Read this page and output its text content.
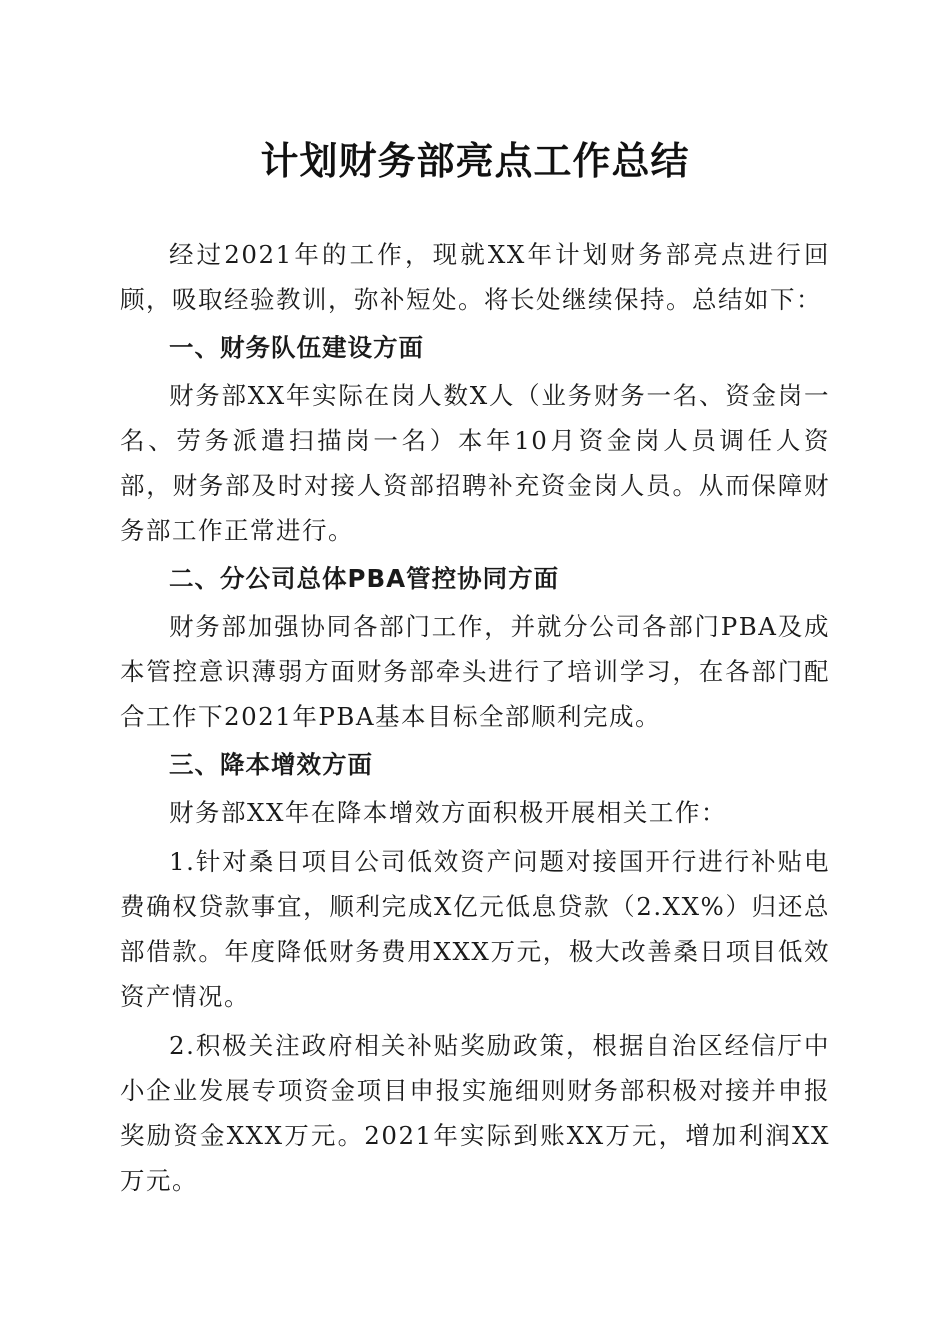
计划财务部亮点工作总结

经过2021年的工作，现就XX年计划财务部亮点进行回顾，吸取经验教训，弥补短处。将长处继续保持。总结如下：

一、财务队伍建设方面

财务部XX年实际在岗人数X人（业务财务一名、资金岗一名、劳务派遣扫描岗一名）本年10月资金岗人员调任人资部，财务部及时对接人资部招聘补充资金岗人员。从而保障财务部工作正常进行。

二、分公司总体PBA管控协同方面

财务部加强协同各部门工作，并就分公司各部门PBA及成本管控意识薄弱方面财务部牵头进行了培训学习，在各部门配合工作下2021年PBA基本目标全部顺利完成。

三、降本增效方面

财务部XX年在降本增效方面积极开展相关工作：

1.针对桑日项目公司低效资产问题对接国开行进行补贴电费确权贷款事宜，顺利完成X亿元低息贷款（2.XX%）归还总部借款。年度降低财务费用XXX万元，极大改善桑日项目低效资产情况。

2.积极关注政府相关补贴奖励政策，根据自治区经信厅中小企业发展专项资金项目申报实施细则财务部积极对接并申报奖励资金XXX万元。2021年实际到账XX万元，增加利润XX万元。
